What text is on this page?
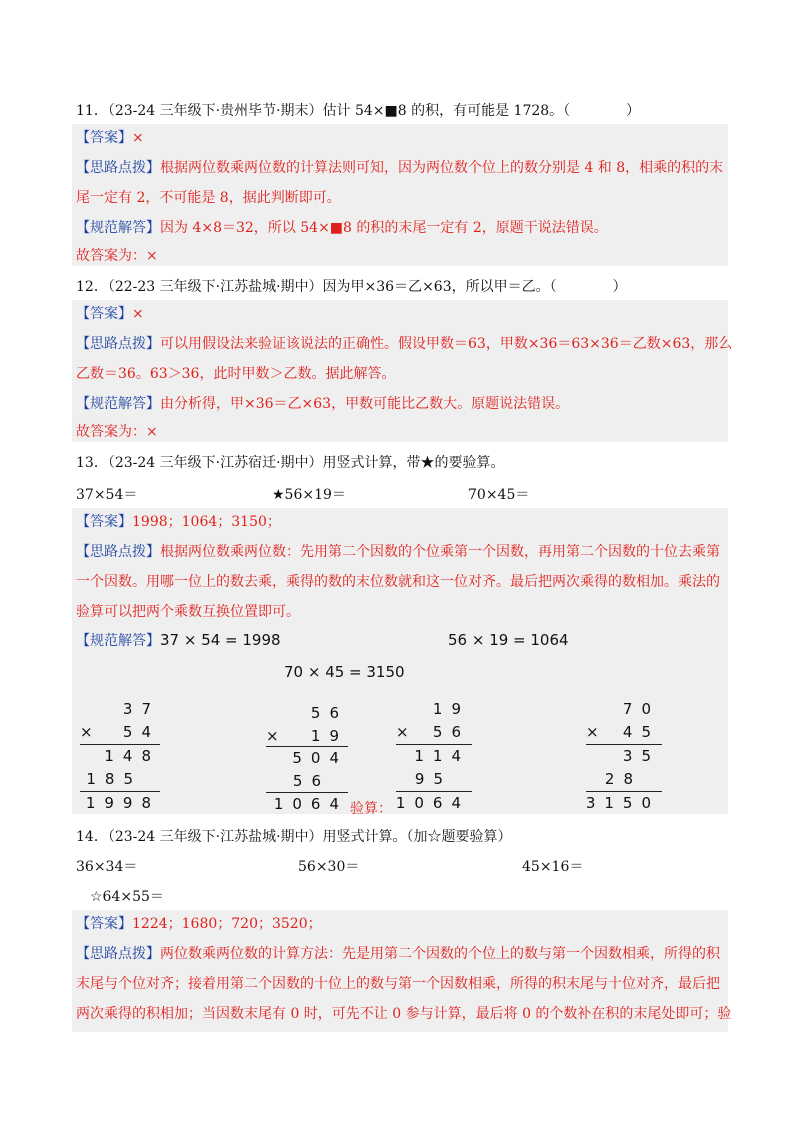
11．（23-24 三年级下·贵州毕节·期末）估计 54×■8 的积，有可能是 1728。（　　　　）
【答案】×
【思路点拨】根据两位数乘两位数的计算法则可知，因为两位数个位上的数分别是 4 和 8，相乘的积的末
尾一定有 2，不可能是 8，据此判断即可。
【规范解答】因为 4×8＝32，所以 54×■8 的积的末尾一定有 2，原题干说法错误。
故答案为：×
12．（22-23 三年级下·江苏盐城·期中）因为甲×36＝乙×63，所以甲＝乙。（　　　　）
【答案】×
【思路点拨】可以用假设法来验证该说法的正确性。假设甲数＝63，甲数×36＝63×36＝乙数×63，那么
乙数＝36。63＞36，此时甲数＞乙数。据此解答。
【规范解答】由分析得，甲×36＝乙×63，甲数可能比乙数大。原题说法错误。
故答案为：×
13．（23-24 三年级下·江苏宿迁·期中）用竖式计算，带★的要验算。
37×54＝	★56×19＝	70×45＝
【答案】1998；1064；3150；
【思路点拨】根据两位数乘两位数：先用第二个因数的个位乘第一个因数，再用第二个因数的十位去乘第
一个因数。用哪一位上的数去乘，乘得的数的末位数就和这一位对齐。最后把两次乘得的数相加。乘法的
验算可以把两个乘数互换位置即可。
【规范解答】37 × 54 = 1998	56 × 19 = 1064
70 × 45 = 3150
37
× 54
148
185
1998
56
× 19
504
56
1064 验算：
19
× 56
114
95
1064
70
× 45
35
28
3150
14．（23-24 三年级下·江苏盐城·期中）用竖式计算。（加☆题要验算）
36×34＝	56×30＝	45×16＝
☆64×55＝
【答案】1224；1680；720；3520；
【思路点拨】两位数乘两位数的计算方法：先是用第二个因数的个位上的数与第一个因数相乘，所得的积
末尾与个位对齐；接着用第二个因数的十位上的数与第一个因数相乘，所得的积末尾与十位对齐，最后把
两次乘得的积相加；当因数末尾有 0 时，可先不让 0 参与计算，最后将 0 的个数补在积的末尾处即可；验
